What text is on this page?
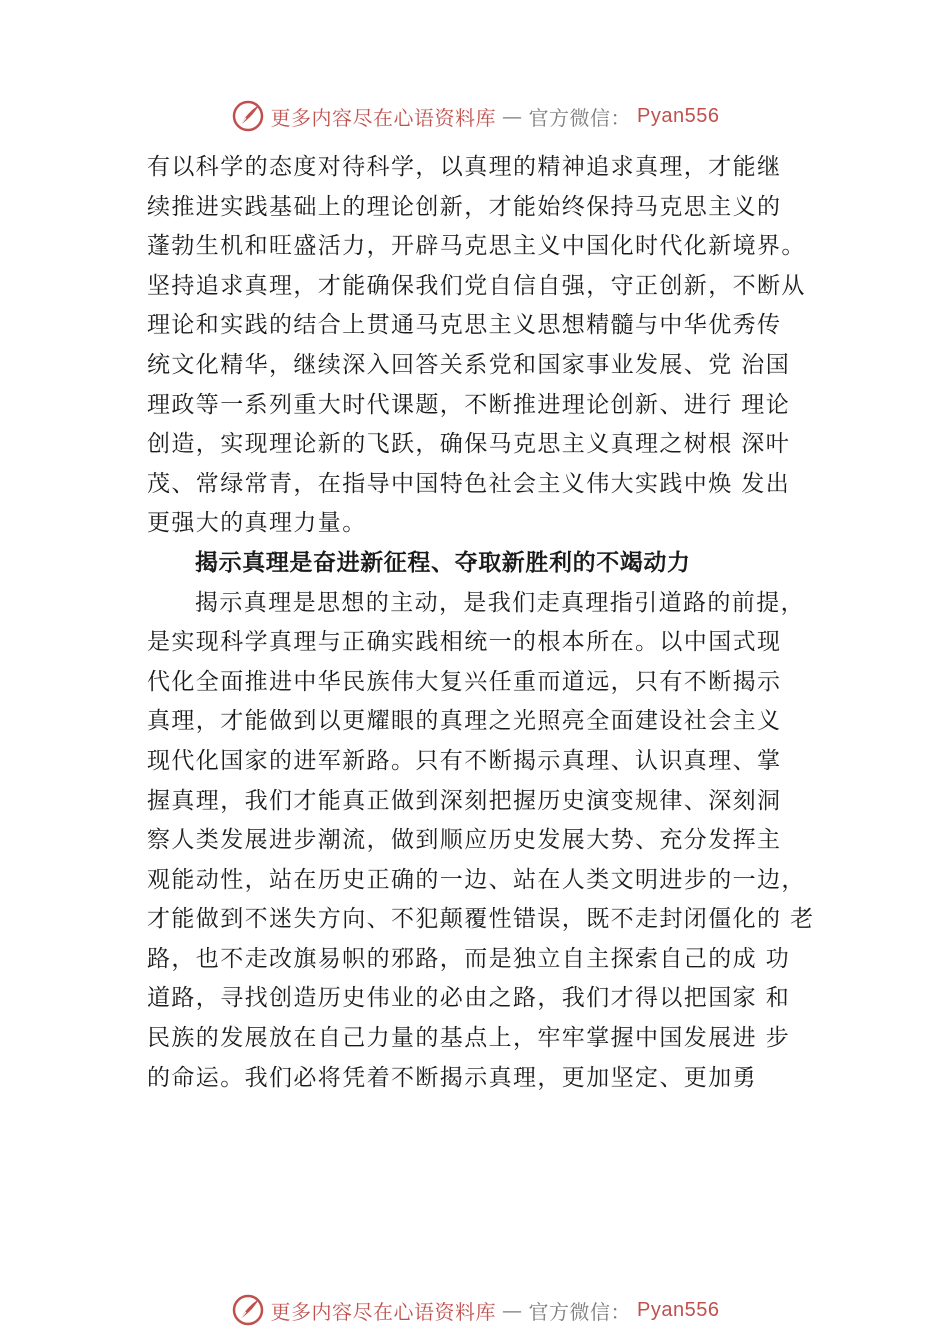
更多内容尽在心语资料库 — 官方微信： Pyan556
有以科学的态度对待科学，以真理的精神追求真理，才能继
续推进实践基础上的理论创新，才能始终保持马克思主义的
蓬勃生机和旺盛活力，开辟马克思主义中国化时代化新境界。
坚持追求真理，才能确保我们党自信自强，守正创新，不断从
理论和实践的结合上贯通马克思主义思想精髓与中华优秀传
统文化精华，继续深入回答关系党和国家事业发展、党 治国
理政等一系列重大时代课题，不断推进理论创新、进行 理论
创造，实现理论新的飞跃，确保马克思主义真理之树根 深叶
茂、常绿常青，在指导中国特色社会主义伟大实践中焕 发出
更强大的真理力量。
揭示真理是奋进新征程、夺取新胜利的不竭动力
揭示真理是思想的主动，是我们走真理指引道路的前提，
是实现科学真理与正确实践相统一的根本所在。以中国式现
代化全面推进中华民族伟大复兴任重而道远，只有不断揭示
真理，才能做到以更耀眼的真理之光照亮全面建设社会主义
现代化国家的进军新路。只有不断揭示真理、认识真理、掌
握真理，我们才能真正做到深刻把握历史演变规律、深刻洞
察人类发展进步潮流，做到顺应历史发展大势、充分发挥主
观能动性，站在历史正确的一边、站在人类文明进步的一边，
才能做到不迷失方向、不犯颠覆性错误，既不走封闭僵化的 老
路，也不走改旗易帜的邪路，而是独立自主探索自己的成 功
道路，寻找创造历史伟业的必由之路，我们才得以把国家 和
民族的发展放在自己力量的基点上，牢牢掌握中国发展进 步
的命运。我们必将凭着不断揭示真理，更加坚定、更加勇
更多内容尽在心语资料库 — 官方微信： Pyan556
